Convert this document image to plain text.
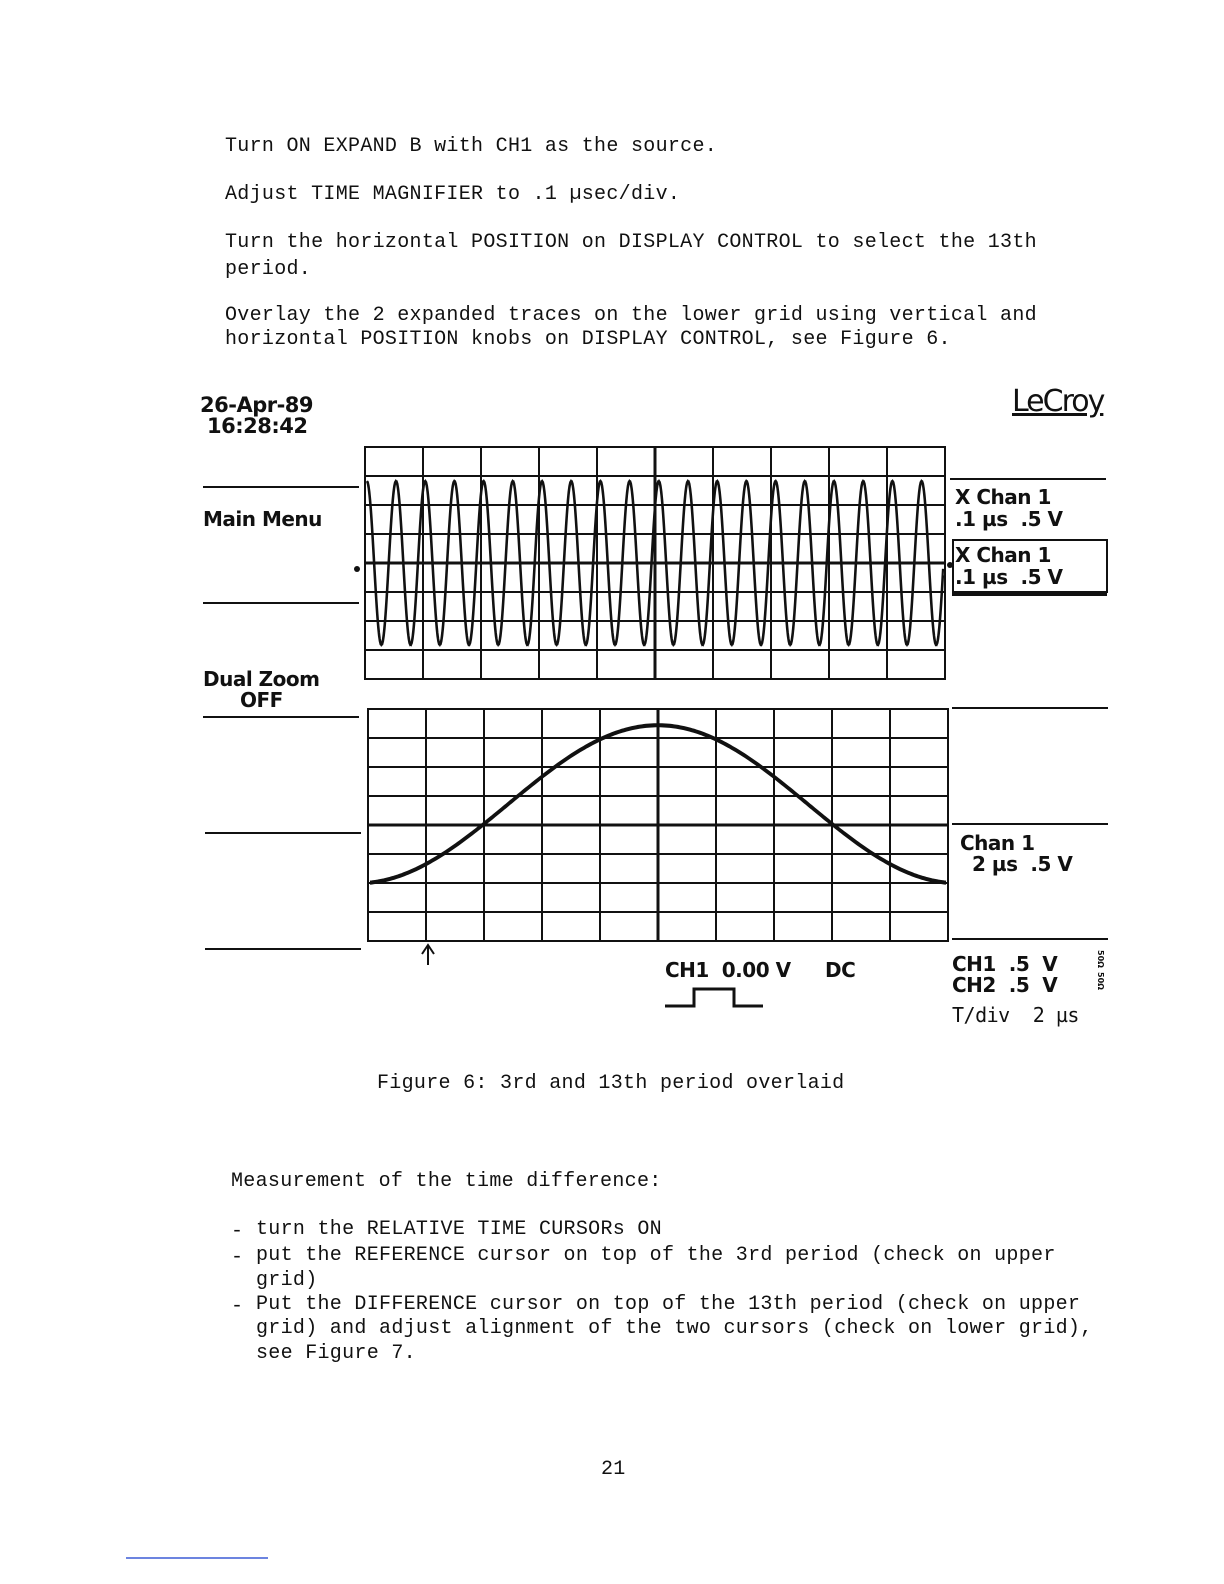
Turn ON EXPAND B with CH1 as the source.
Adjust TIME MAGNIFIER to .1 µsec/div.
Turn the horizontal POSITION on DISPLAY CONTROL to select the 13th
period.
Overlay the 2 expanded traces on the lower grid using vertical and
horizontal POSITION knobs on DISPLAY CONTROL, see Figure 6.
26-Apr-89
16:28:42
LeCroy
Main Menu
Dual Zoom
OFF
X Chan 1
.1 µs  .5 V
X Chan 1
.1 µs  .5 V
Chan 1
2 µs  .5 V
CH1  0.00 V DC	CH1  .5  V
CH2  .5  V
50Ω
50Ω
T/div  2 µs
Figure 6: 3rd and 13th period overlaid
Measurement of the time difference:
- turn the RELATIVE TIME CURSORs ON
- put the REFERENCE cursor on top of the 3rd period (check on upper
grid)
- Put the DIFFERENCE cursor on top of the 13th period (check on upper
grid) and adjust alignment of the two cursors (check on lower grid),
see Figure 7.
21
